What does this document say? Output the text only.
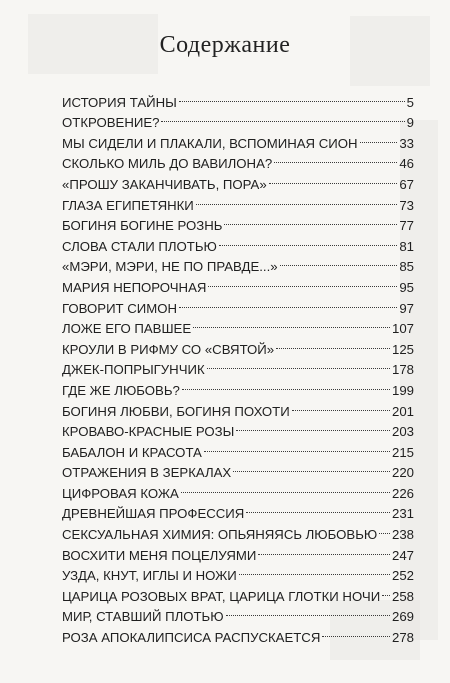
Содержание
ИСТОРИЯ ТАЙНЫ	5
ОТКРОВЕНИЕ?	9
МЫ СИДЕЛИ И ПЛАКАЛИ, ВСПОМИНАЯ СИОН	33
СКОЛЬКО МИЛЬ ДО ВАВИЛОНА?	46
«ПРОШУ ЗАКАНЧИВАТЬ, ПОРА»	67
ГЛАЗА ЕГИПЕТЯНКИ	73
БОГИНЯ БОГИНЕ РОЗНЬ	77
СЛОВА СТАЛИ ПЛОТЬЮ	81
«МЭРИ, МЭРИ, НЕ ПО ПРАВДЕ...»	85
МАРИЯ НЕПОРОЧНАЯ	95
ГОВОРИТ СИМОН	97
ЛОЖЕ ЕГО ПАВШЕЕ	107
КРОУЛИ В РИФМУ СО «СВЯТОЙ»	125
ДЖЕК-ПОПРЫГУНЧИК	178
ГДЕ ЖЕ ЛЮБОВЬ?	199
БОГИНЯ ЛЮБВИ, БОГИНЯ ПОХОТИ	201
КРОВАВО-КРАСНЫЕ РОЗЫ	203
БАБАЛОН И КРАСОТА	215
ОТРАЖЕНИЯ В ЗЕРКАЛАХ	220
ЦИФРОВАЯ КОЖА	226
ДРЕВНЕЙШАЯ ПРОФЕССИЯ	231
СЕКСУАЛЬНАЯ ХИМИЯ: ОПЬЯНЯЯСЬ ЛЮБОВЬЮ 238
ВОСХИТИ МЕНЯ ПОЦЕЛУЯМИ	247
УЗДА, КНУТ, ИГЛЫ И НОЖИ	252
ЦАРИЦА РОЗОВЫХ ВРАТ, ЦАРИЦА ГЛОТКИ НОЧИ 258
МИР, СТАВШИЙ ПЛОТЬЮ	269
РОЗА АПОКАЛИПСИСА РАСПУСКАЕТСЯ	278
